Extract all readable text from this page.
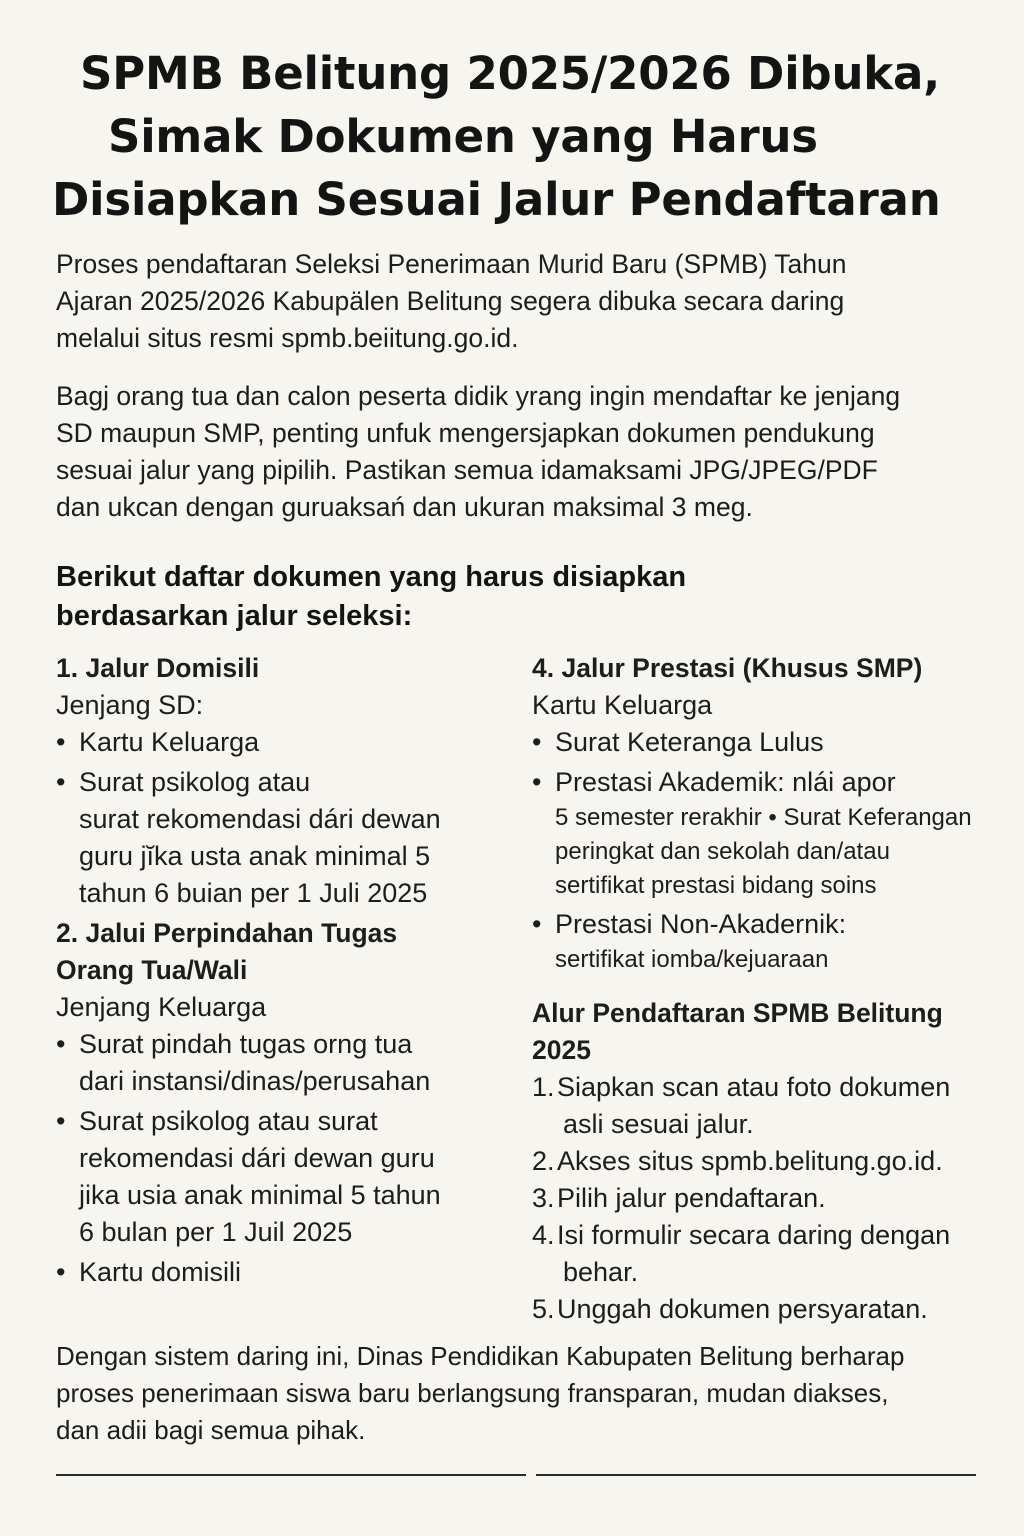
SPMB Belitung 2025/2026 Dibuka,
Simak Dokumen yang Harus
Disiapkan Sesuai Jalur Pendaftaran

Proses pendaftaran Seleksi Penerimaan Murid Baru (SPMB) Tahun
Ajaran 2025/2026 Kabupälen Belitung segera dibuka secara daring
melalui situs resmi spmb.beiitung.go.id.

Bagj orang tua dan calon peserta didik yrang ingin mendaftar ke jenjang
SD maupun SMP, penting unfuk mengersjapkan dokumen pendukung
sesuai jalur yang pipilih. Pastikan semua idamaksami JPG/JPEG/PDF
dan ukcan dengan guruaksań dan ukuran maksimal 3 meg.

Berikut daftar dokumen yang harus disiapkan
berdasarkan jalur seleksi:

1. Jalur Domisili

Jenjang SD:

• Kartu Keluarga
• Surat psikolog atau
surat rekomendasi dári dewan
guru jĭka usta anak minimal 5
tahun 6 buian per 1 Juli 2025

2. Jalui Perpindahan Tugas
Orang Tua/Wali

Jenjang Keluarga

• Surat pindah tugas orng tua
dari instansi/dinas/perusahan
• Surat psikolog atau surat
rekomendasi dári dewan guru
jika usia anak minimal 5 tahun
6 bulan per 1 Juil 2025
• Kartu domisili

4. Jalur Prestasi (Khusus SMP)

Kartu Keluarga

• Surat Keteranga Lulus
• Prestasi Akademik: nlái apor
5 semester rerakhir • Surat Keferangan
peringkat dan sekolah dan/atau
sertifikat prestasi bidang soins
• Prestasi Non-Akadernik:
sertifikat iomba/kejuaraan

Alur Pendaftaran SPMB Belitung
2025

1. Siapkan scan atau foto dokumen
asli sesuai jalur.
2. Akses situs spmb.belitung.go.id.
3. Pilih jalur pendaftaran.
4. Isi formulir secara daring dengan
behar.
5. Unggah dokumen persyaratan.

Dengan sistem daring ini, Dinas Pendidikan Kabupaten Belitung berharap
proses penerimaan siswa baru berlangsung fransparan, mudan diakses,
dan adii bagi semua pihak.
